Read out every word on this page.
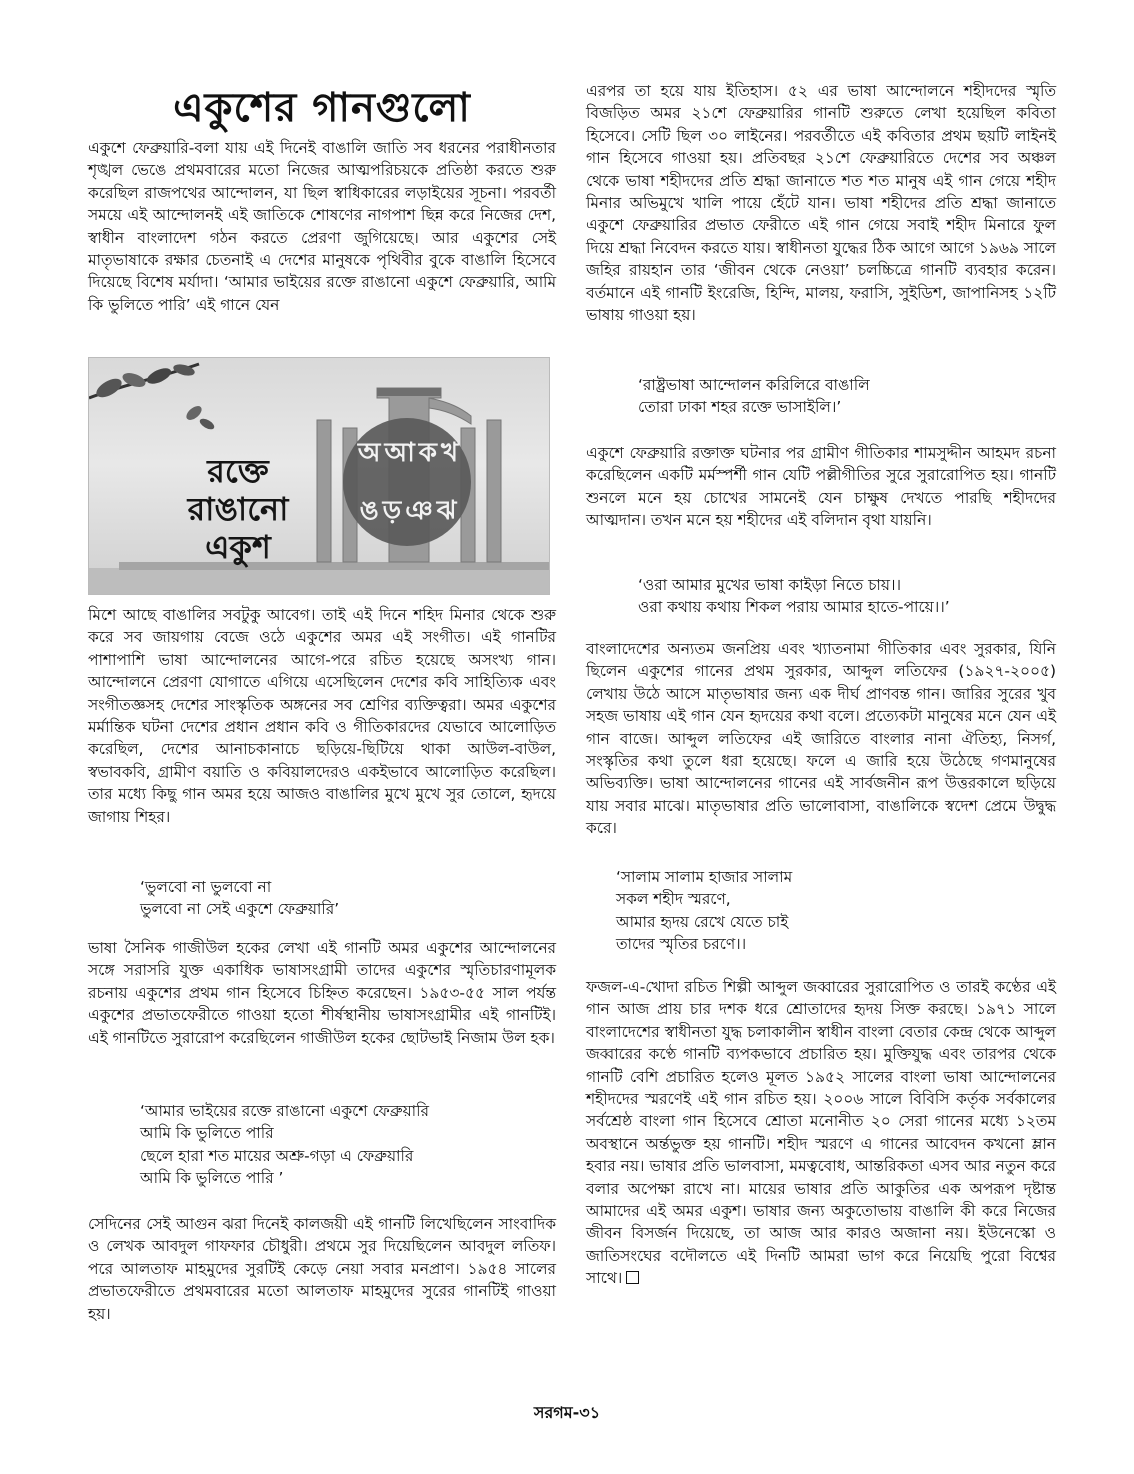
একুশের গানগুলো

একুশে ফেব্রুয়ারি-বলা যায় এই দিনেই বাঙালি জাতি সব ধরনের পরাধীনতার শৃঙ্খল ভেঙে প্রথমবারের মতো নিজের আত্মপরিচয়কে প্রতিষ্ঠা করতে শুরু করেছিল রাজপথের আন্দোলন, যা ছিল স্বাধিকারের লড়াইয়ের সূচনা। পরবর্তী সময়ে এই আন্দোলনই এই জাতিকে শোষণের নাগপাশ ছিন্ন করে নিজের দেশ, স্বাধীন বাংলাদেশ গঠন করতে প্রেরণা জুগিয়েছে। আর একুশের সেই মাতৃভাষাকে রক্ষার চেতনাই এ দেশের মানুষকে পৃথিবীর বুকে বাঙালি হিসেবে দিয়েছে বিশেষ মর্যাদা। ‘আমার ভাইয়ের রক্তে রাঙানো একুশে ফেব্রুয়ারি, আমি কি ভুলিতে পারি’ এই গানে যেন

মিশে আছে বাঙালির সবটুকু আবেগ। তাই এই দিনে শহিদ মিনার থেকে শুরু করে সব জায়গায় বেজে ওঠে একুশের অমর এই সংগীত। এই গানটির পাশাপাশি ভাষা আন্দোলনের আগে-পরে রচিত হয়েছে অসংখ্য গান। আন্দোলনে প্রেরণা যোগাতে এগিয়ে এসেছিলেন দেশের কবি সাহিত্যিক এবং সংগীতজ্ঞসহ দেশের সাংস্কৃতিক অঙ্গনের সব শ্রেণির ব্যক্তিত্বরা। অমর একুশের মর্মান্তিক ঘটনা দেশের প্রধান প্রধান কবি ও গীতিকারদের যেভাবে আলোড়িত করেছিল, দেশের আনাচকানাচে ছড়িয়ে-ছিটিয়ে থাকা আউল-বাউল, স্বভাবকবি, গ্রামীণ বয়াতি ও কবিয়ালদেরও একইভাবে আলোড়িত করেছিল। তার মধ্যে কিছু গান অমর হয়ে আজও বাঙালির মুখে মুখে সুর তোলে, হৃদয়ে জাগায় শিহর।

‘ভুলবো না ভুলবো না
ভুলবো না সেই একুশে ফেব্রুয়ারি’

ভাষা সৈনিক গাজীউল হকের লেখা এই গানটি অমর একুশের আন্দোলনের সঙ্গে সরাসরি যুক্ত একাধিক ভাষাসংগ্রামী তাদের একুশের স্মৃতিচারণামূলক রচনায় একুশের প্রথম গান হিসেবে চিহ্নিত করেছেন। ১৯৫৩-৫৫ সাল পর্যন্ত একুশের প্রভাতফেরীতে গাওয়া হতো শীর্ষস্থানীয় ভাষাসংগ্রামীর এই গানটিই। এই গানটিতে সুরারোপ করেছিলেন গাজীউল হকের ছোটভাই নিজাম উল হক।

‘আমার ভাইয়ের রক্তে রাঙানো একুশে ফেব্রুয়ারি
আমি কি ভুলিতে পারি
ছেলে হারা শত মায়ের অশ্রু-গড়া এ ফেব্রুয়ারি
আমি কি ভুলিতে পারি ’

সেদিনের সেই আগুন ঝরা দিনেই কালজয়ী এই গানটি লিখেছিলেন সাংবাদিক ও লেখক আবদুল গাফফার চৌধুরী। প্রথমে সুর দিয়েছিলেন আবদুল লতিফ। পরে আলতাফ মাহমুদের সুরটিই কেড়ে নেয়া সবার মনপ্রাণ। ১৯৫৪ সালের প্রভাতফেরীতে প্রথমবারের মতো আলতাফ মাহমুদের সুরের গানটিই গাওয়া হয়।

অ আ ক খ
ঙ ড় ঞ ঝ
রক্তে
রাঙানো
একুশ

এরপর তা হয়ে যায় ইতিহাস। ৫২ এর ভাষা আন্দোলনে শহীদদের স্মৃতি বিজড়িত অমর ২১শে ফেব্রুয়ারির গানটি শুরুতে লেখা হয়েছিল কবিতা হিসেবে। সেটি ছিল ৩০ লাইনের। পরবর্তীতে এই কবিতার প্রথম ছয়টি লাইনই গান হিসেবে গাওয়া হয়। প্রতিবছর ২১শে ফেব্রুয়ারিতে দেশের সব অঞ্চল থেকে ভাষা শহীদদের প্রতি শ্রদ্ধা জানাতে শত শত মানুষ এই গান গেয়ে শহীদ মিনার অভিমুখে খালি পায়ে হেঁটে যান। ভাষা শহীদের প্রতি শ্রদ্ধা জানাতে একুশে ফেব্রুয়ারির প্রভাত ফেরীতে এই গান গেয়ে সবাই শহীদ মিনারে ফুল দিয়ে শ্রদ্ধা নিবেদন করতে যায়। স্বাধীনতা যুদ্ধের ঠিক আগে আগে ১৯৬৯ সালে জহির রায়হান তার ‘জীবন থেকে নেওয়া’ চলচ্চিত্রে গানটি ব্যবহার করেন। বর্তমানে এই গানটি ইংরেজি, হিন্দি, মালয়, ফরাসি, সুইডিশ, জাপানিসহ ১২টি ভাষায় গাওয়া হয়।

‘রাষ্ট্রভাষা আন্দোলন করিলিরে বাঙালি
তোরা ঢাকা শহর রক্তে ভাসাইলি।’

একুশে ফেব্রুয়ারি রক্তাক্ত ঘটনার পর গ্রামীণ গীতিকার শামসুদ্দীন আহমদ রচনা করেছিলেন একটি মর্মস্পর্শী গান যেটি পল্লীগীতির সুরে সুরারোপিত হয়। গানটি শুনলে মনে হয় চোখের সামনেই যেন চাক্ষুষ দেখতে পারছি শহীদদের আত্মদান। তখন মনে হয় শহীদের এই বলিদান বৃথা যায়নি।

‘ওরা আমার মুখের ভাষা কাইড়া নিতে চায়।।
ওরা কথায় কথায় শিকল পরায় আমার হাতে-পায়ে।।’

বাংলাদেশের অন্যতম জনপ্রিয় এবং খ্যাতনামা গীতিকার এবং সুরকার, যিনি ছিলেন একুশের গানের প্রথম সুরকার, আব্দুল লতিফের (১৯২৭-২০০৫) লেখায় উঠে আসে মাতৃভাষার জন্য এক দীর্ঘ প্রাণবন্ত গান। জারির সুরের খুব সহজ ভাষায় এই গান যেন হৃদয়ের কথা বলে। প্রত্যেকটা মানুষের মনে যেন এই গান বাজে। আব্দুল লতিফের এই জারিতে বাংলার নানা ঐতিহ্য, নিসর্গ, সংস্কৃতির কথা তুলে ধরা হয়েছে। ফলে এ জারি হয়ে উঠেছে গণমানুষের অভিব্যক্তি। ভাষা আন্দোলনের গানের এই সার্বজনীন রূপ উত্তরকালে ছড়িয়ে যায় সবার মাঝে। মাতৃভাষার প্রতি ভালোবাসা, বাঙালিকে স্বদেশ প্রেমে উদ্বুদ্ধ করে।

‘সালাম সালাম হাজার সালাম
সকল শহীদ স্মরণে,
আমার হৃদয় রেখে যেতে চাই
তাদের স্মৃতির চরণে।।

ফজল-এ-খোদা রচিত শিল্পী আব্দুল জব্বারের সুরারোপিত ও তারই কণ্ঠের এই গান আজ প্রায় চার দশক ধরে শ্রোতাদের হৃদয় সিক্ত করছে। ১৯৭১ সালে বাংলাদেশের স্বাধীনতা যুদ্ধ চলাকালীন স্বাধীন বাংলা বেতার কেন্দ্র থেকে আব্দুল জব্বারের কণ্ঠে গানটি ব্যপকভাবে প্রচারিত হয়। মুক্তিযুদ্ধ এবং তারপর থেকে গানটি বেশি প্রচারিত হলেও মূলত ১৯৫২ সালের বাংলা ভাষা আন্দোলনের শহীদদের স্মরণেই এই গান রচিত হয়। ২০০৬ সালে বিবিসি কর্তৃক সর্বকালের সর্বশ্রেষ্ঠ বাংলা গান হিসেবে শ্রোতা মনোনীত ২০ সেরা গানের মধ্যে ১২তম অবস্থানে অর্ন্তভুক্ত হয় গানটি। শহীদ স্মরণে এ গানের আবেদন কখনো ম্লান হবার নয়। ভাষার প্রতি ভালবাসা, মমত্ববোধ, আন্তরিকতা এসব আর নতুন করে বলার অপেক্ষা রাখে না। মায়ের ভাষার প্রতি আকুতির এক অপরূপ দৃষ্টান্ত আমাদের এই অমর একুশ। ভাষার জন্য অকুতোভায় বাঙালি কী করে নিজের জীবন বিসর্জন দিয়েছে, তা আজ আর কারও অজানা নয়। ইউনেস্কো ও জাতিসংঘের বদৌলতে এই দিনটি আমরা ভাগ করে নিয়েছি পুরো বিশ্বের সাথে।

সরগম-৩১
